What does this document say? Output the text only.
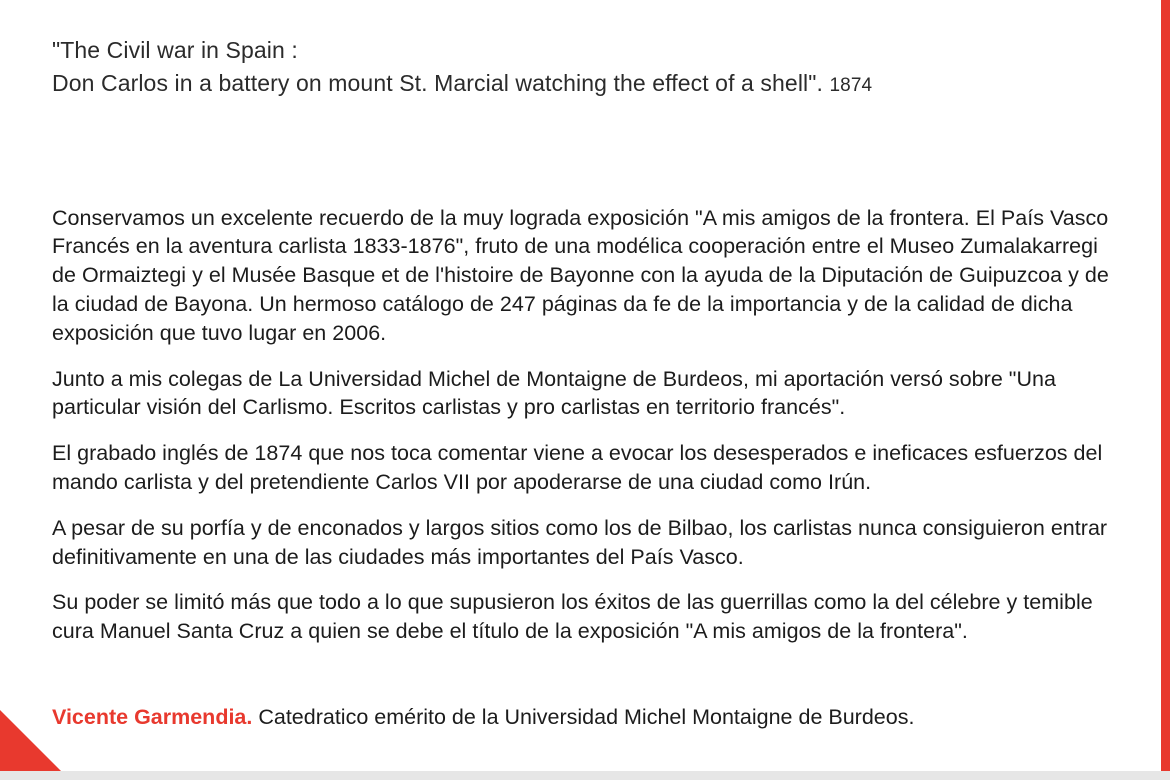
"The Civil war in Spain :
Don Carlos in a battery on mount St. Marcial watching the effect of a shell". 1874

Conservamos un excelente recuerdo de la muy lograda exposición "A mis amigos de la frontera. El País Vasco Francés en la aventura carlista 1833-1876", fruto de una modélica cooperación entre el Museo Zumalakarregi de Ormaiztegi y el Musée Basque et de l'histoire de Bayonne con la ayuda de la Diputación de Guipuzcoa y de la ciudad de Bayona. Un hermoso catálogo de 247 páginas da fe de la importancia y de la calidad de dicha exposición que tuvo lugar en 2006.

Junto a mis colegas de La Universidad Michel de Montaigne de Burdeos, mi aportación versó sobre "Una particular visión del Carlismo. Escritos carlistas y pro carlistas en territorio francés".

El grabado inglés de 1874 que nos toca comentar viene a evocar los desesperados e ineficaces esfuerzos del mando carlista y del pretendiente Carlos VII por apoderarse de una ciudad como Irún.

A pesar de su porfía y de enconados y largos sitios como los de Bilbao, los carlistas nunca consiguieron entrar definitivamente en una de las ciudades más importantes del País Vasco.

Su poder se limitó más que todo a lo que supusieron los éxitos de las guerrillas como la del célebre y temible cura Manuel Santa Cruz a quien se debe el título de la exposición "A mis amigos de la frontera".

Vicente Garmendia. Catedratico emérito de la Universidad Michel Montaigne de Burdeos.
